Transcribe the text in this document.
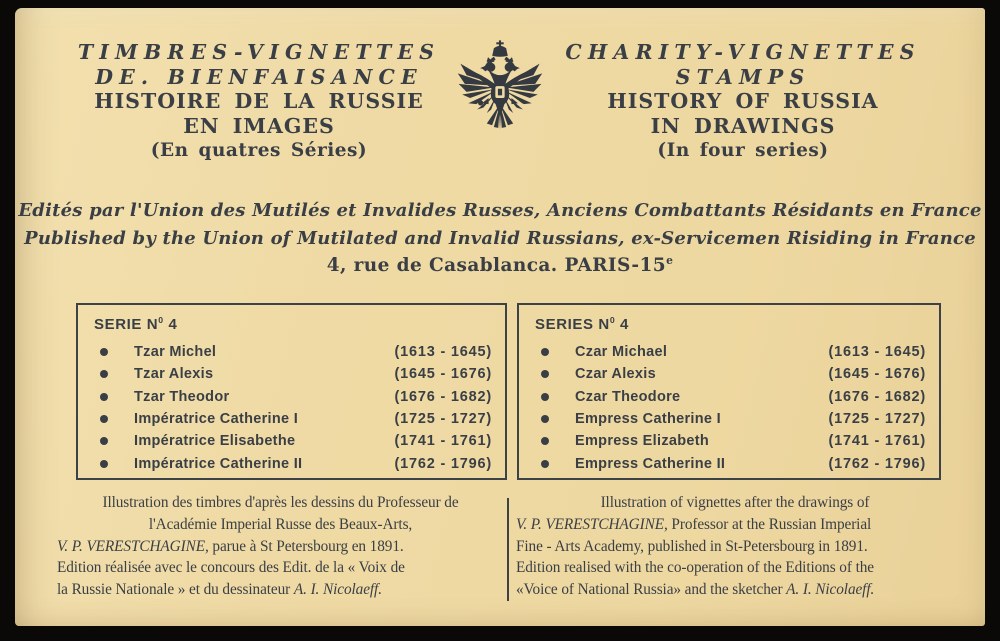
TIMBRES-VIGNETTES
DE. BIENFAISANCE
HISTOIRE DE LA RUSSIE
EN IMAGES
(En quatres Séries)
CHARITY-VIGNETTES
STAMPS
HISTORY OF RUSSIA
IN DRAWINGS
(In four series)
Edités par l'Union des Mutilés et Invalides Russes, Anciens Combattants Résidants en France
Published by the Union of Mutilated and Invalid Russians, ex-Servicemen Risiding in France
4, rue de Casablanca. PARIS-15e
SERIE $N^0$ 4
Tzar Michel	(1613 - 1645)
Tzar Alexis	(1645 - 1676)
Tzar Theodor	(1676 - 1682)
Impératrice Catherine I	(1725 - 1727)
Impératrice Elisabethe	(1741 - 1761)
Impératrice Catherine II	(1762 - 1796)
SERIES $N^0$ 4
Czar Michael	(1613 - 1645)
Czar Alexis	(1645 - 1676)
Czar Theodore	(1676 - 1682)
Empress Catherine I	(1725 - 1727)
Empress Elizabeth	(1741 - 1761)
Empress Catherine II	(1762 - 1796)
Illustration des timbres d'après les dessins du Professeur de
l'Académie Imperial Russe des Beaux-Arts,
V. P. VERESTCHAGINE, parue à St Petersbourg en 1891.
Edition réalisée avec le concours des Edit. de la « Voix de
la Russie Nationale » et du dessinateur A. I. Nicolaeff.
Illustration of vignettes after the drawings of
V. P. VERESTCHAGINE, Professor at the Russian Imperial
Fine - Arts Academy, published in St-Petersbourg in 1891.
Edition realised with the co-operation of the Editions of the
«Voice of National Russia» and the sketcher A. I. Nicolaeff.
